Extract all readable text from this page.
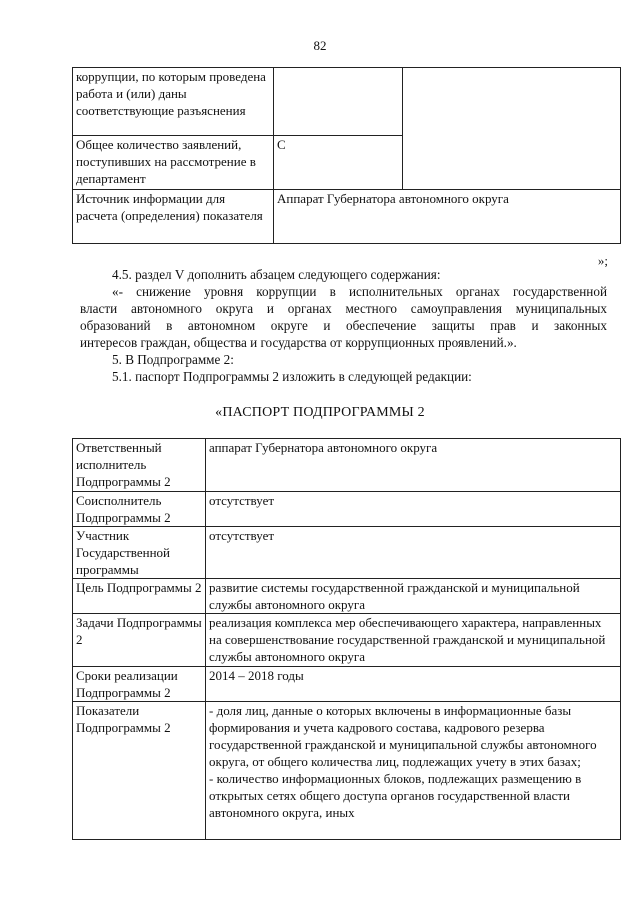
82
коррупции, по которым проведена работа и (или) даны соответствующие разъяснения		
Общее количество заявлений, поступивших на рассмотрение в департамент	С	
Источник информации для расчета (определения) показателя	Аппарат Губернатора автономного округа	
»;
4.5. раздел V дополнить абзацем следующего содержания:
«- снижение уровня коррупции в исполнительных органах государственной
власти автономного округа и органах местного самоуправления муниципальных
образований в автономном округе и обеспечение защиты прав и законных
интересов граждан, общества и государства от коррупционных проявлений.».
5. В Подпрограмме 2:
5.1. паспорт Подпрограммы 2 изложить в следующей редакции:
«ПАСПОРТ ПОДПРОГРАММЫ 2
Ответственный исполнитель Подпрограммы 2	аппарат Губернатора автономного округа
Соисполнитель Подпрограммы 2	отсутствует
Участник Государственной программы	отсутствует
Цель Подпрограммы 2	развитие системы государственной гражданской и муниципальной службы автономного округа
Задачи Подпрограммы 2	реализация комплекса мер обеспечивающего характера, направленных на совершенствование государственной гражданской и муниципальной службы автономного округа
Сроки реализации Подпрограммы 2	2014 – 2018 годы
Показатели Подпрограммы 2	- доля лиц, данные о которых включены в информационные базы формирования и учета кадрового состава, кадрового резерва государственной гражданской и муниципальной службы автономного округа, от общего количества лиц, подлежащих учету в этих базах;
- количество информационных блоков, подлежащих размещению в открытых сетях общего доступа органов государственной власти автономного округа, иных
